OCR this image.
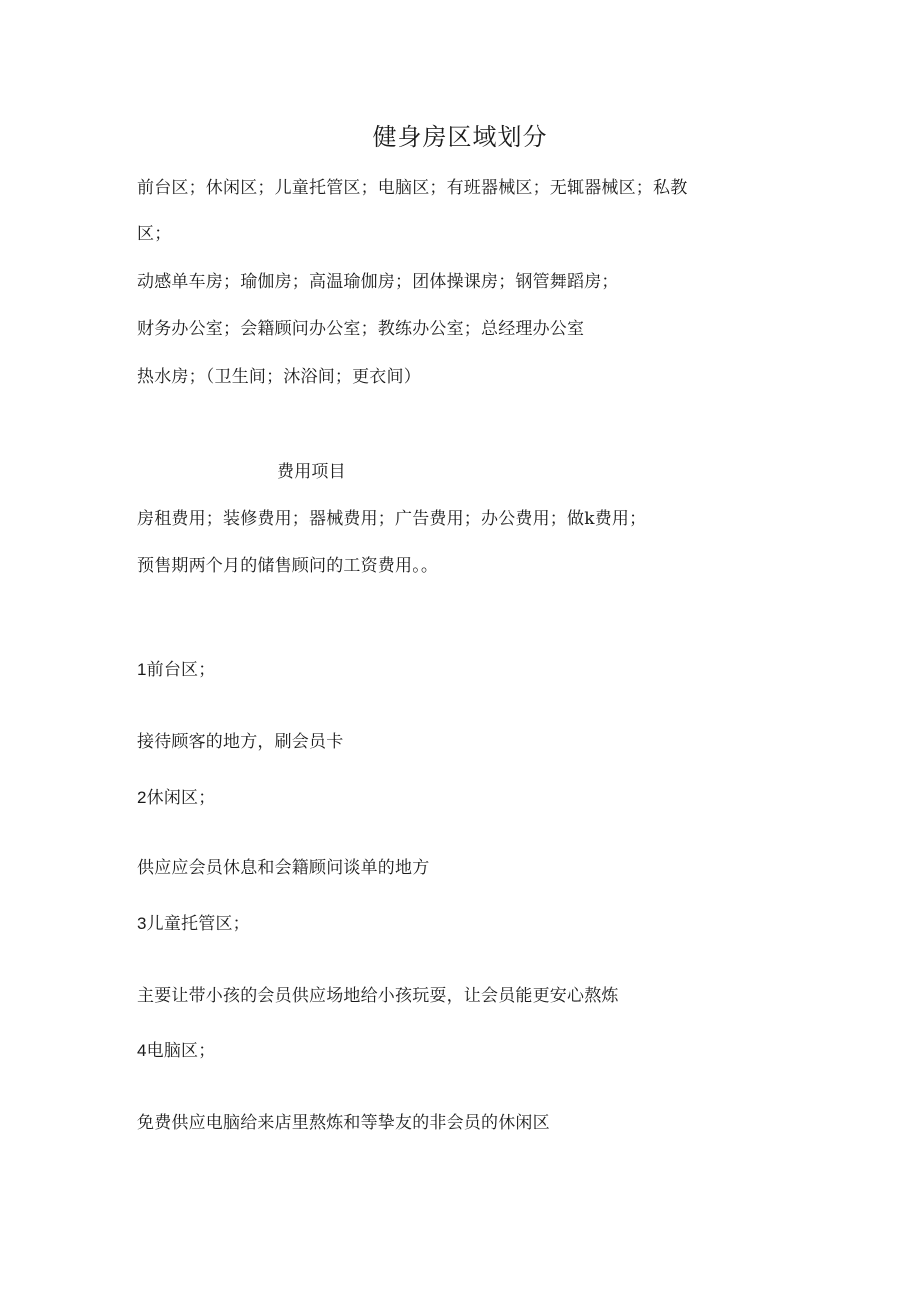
健身房区域划分
前台区；休闲区；儿童托管区；电脑区；有班器械区；无辄器械区；私教
区；
动感单车房；瑜伽房；高温瑜伽房；团体操课房；钢管舞蹈房；
财务办公室；会籍顾问办公室；教练办公室；总经理办公室
热水房；（卫生间；沐浴间；更衣间）
费用项目
房租费用；装修费用；器械费用；广告费用；办公费用；做k费用；
预售期两个月的储售顾问的工资费用。。
1前台区；
接待顾客的地方，刷会员卡
2休闲区；
供应应会员休息和会籍顾问谈单的地方
3儿童托管区；
主要让带小孩的会员供应场地给小孩玩耍，让会员能更安心熬炼
4电脑区；
免费供应电脑给来店里熬炼和等挚友的非会员的休闲区
